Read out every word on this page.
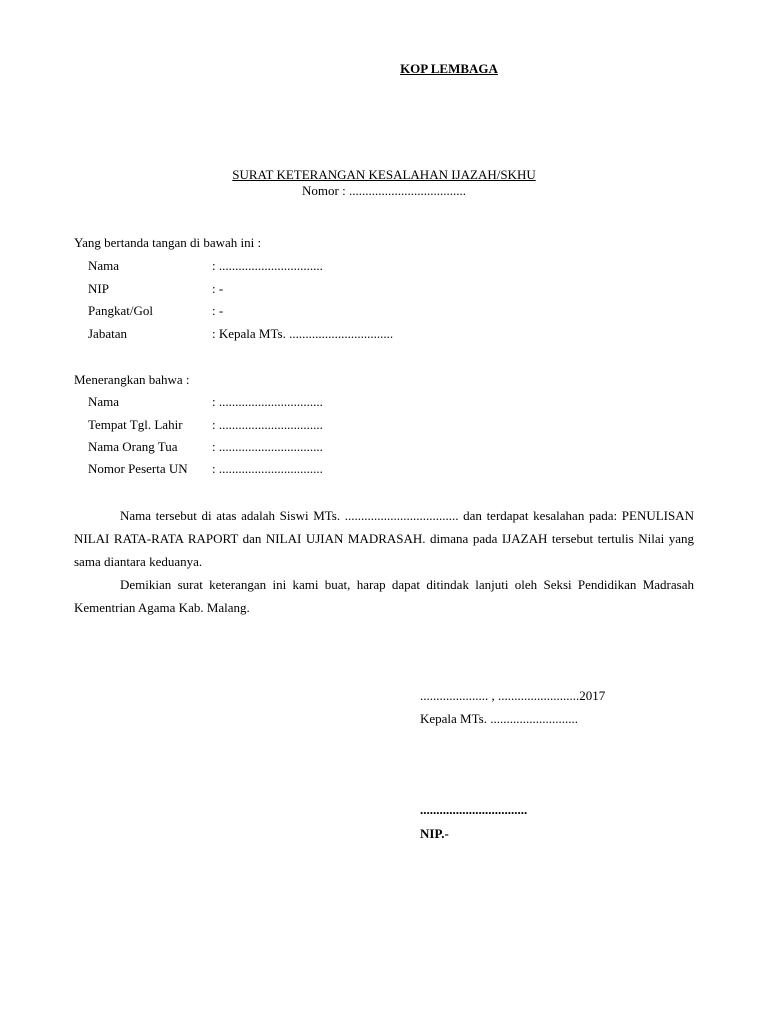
KOP LEMBAGA
SURAT KETERANGAN KESALAHAN IJAZAH/SKHU
Nomor : ....................................
Yang bertanda tangan di bawah ini :
Nama	: ................................
NIP	: -
Pangkat/Gol	: -
Jabatan	: Kepala MTs. ................................
Menerangkan bahwa :
Nama	: ................................
Tempat Tgl. Lahir : ................................
Nama Orang Tua	: ................................
Nomor Peserta UN : ................................
Nama tersebut di atas adalah Siswi MTs. ................................... dan terdapat kesalahan pada: PENULISAN NILAI RATA-RATA RAPORT dan NILAI UJIAN MADRASAH. dimana pada IJAZAH tersebut tertulis Nilai yang sama diantara keduanya.
Demikian surat keterangan ini kami buat, harap dapat ditindak lanjuti oleh Seksi Pendidikan Madrasah Kementrian Agama Kab. Malang.
..................... , .........................2017
Kepala MTs. ...........................
.................................
NIP.-
